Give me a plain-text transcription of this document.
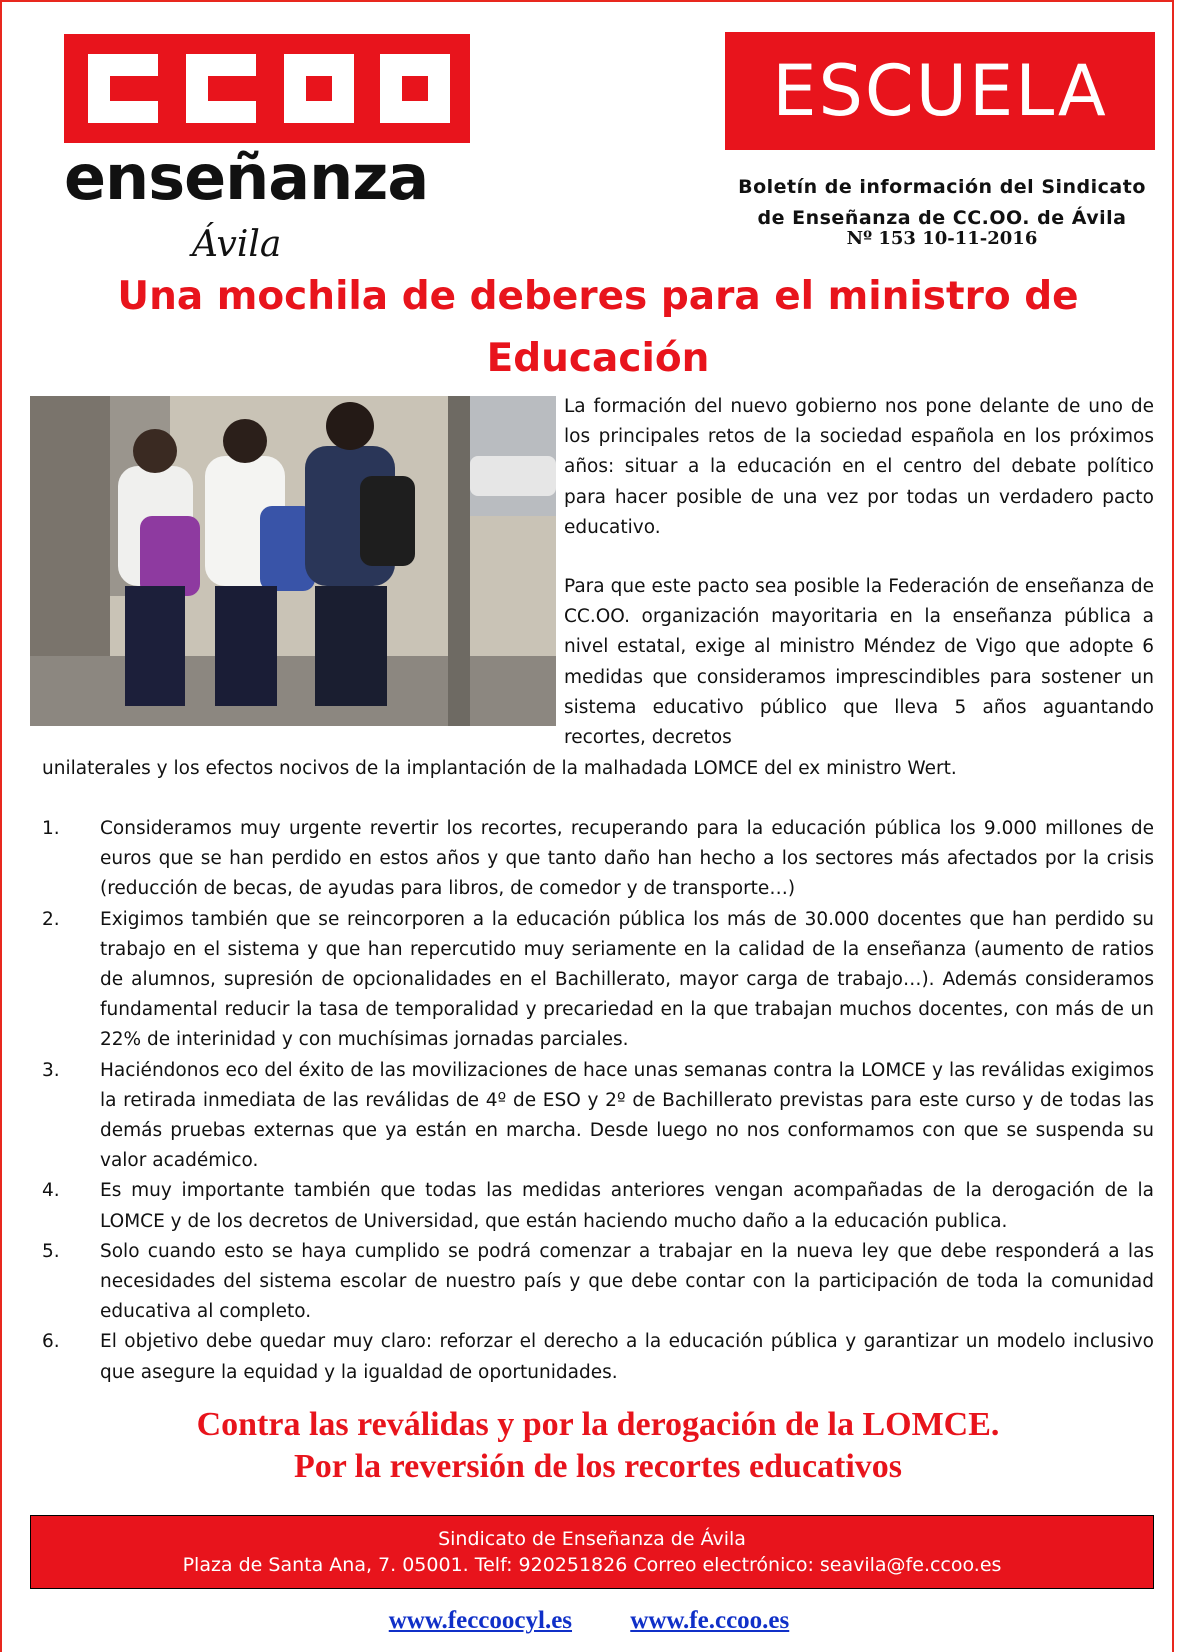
enseñanza
Ávila
ESCUELA
Boletín de información del Sindicato
de Enseñanza de CC.OO. de Ávila
Nº 153 10-11-2016
Una mochila de deberes para el ministro de
Educación
La formación del nuevo gobierno nos pone delante de uno de los principales retos de la sociedad española en los próximos años: situar a la educación en el centro del debate político para hacer posible de una vez por todas un verdadero pacto educativo.
Para que este pacto sea posible la Federación de enseñanza de CC.OO. organización mayoritaria en la enseñanza pública a nivel estatal, exige al ministro Méndez de Vigo que adopte 6 medidas que consideramos imprescindibles para sostener un sistema educativo público que lleva 5 años aguantando recortes, decretos
unilaterales y los efectos nocivos de la implantación de la malhadada LOMCE del ex ministro Wert.
1. Consideramos muy urgente revertir los recortes, recuperando para la educación pública los 9.000 millones de euros que se han perdido en estos años y que tanto daño han hecho a los sectores más afectados por la crisis (reducción de becas, de ayudas para libros, de comedor y de transporte…)
2. Exigimos también que se reincorporen a la educación pública los más de 30.000 docentes que han perdido su trabajo en el sistema y que han repercutido muy seriamente en la calidad de la enseñanza (aumento de ratios de alumnos, supresión de opcionalidades en el Bachillerato, mayor carga de trabajo…). Además consideramos fundamental reducir la tasa de temporalidad y precariedad en la que trabajan muchos docentes, con más de un 22% de interinidad y con muchísimas jornadas parciales.
3. Haciéndonos eco del éxito de las movilizaciones de hace unas semanas contra la LOMCE y las reválidas exigimos la retirada inmediata de las reválidas de 4º de ESO y 2º de Bachillerato previstas para este curso y de todas las demás pruebas externas que ya están en marcha. Desde luego no nos conformamos con que se suspenda su valor académico.
4. Es muy importante también que todas las medidas anteriores vengan acompañadas de la derogación de la LOMCE y de los decretos de Universidad, que están haciendo mucho daño a la educación publica.
5. Solo cuando esto se haya cumplido se podrá comenzar a trabajar en la nueva ley que debe responderá a las necesidades del sistema escolar de nuestro país y que debe contar con la participación de toda la comunidad educativa al completo.
6. El objetivo debe quedar muy claro: reforzar el derecho a la educación pública y garantizar un modelo inclusivo que asegure la equidad y la igualdad de oportunidades.
Contra las reválidas y por la derogación de la LOMCE.
Por la reversión de los recortes educativos
Sindicato de Enseñanza de Ávila
Plaza de Santa Ana, 7. 05001. Telf: 920251826 Correo electrónico: seavila@fe.ccoo.es
www.feccoocyl.es www.fe.ccoo.es
